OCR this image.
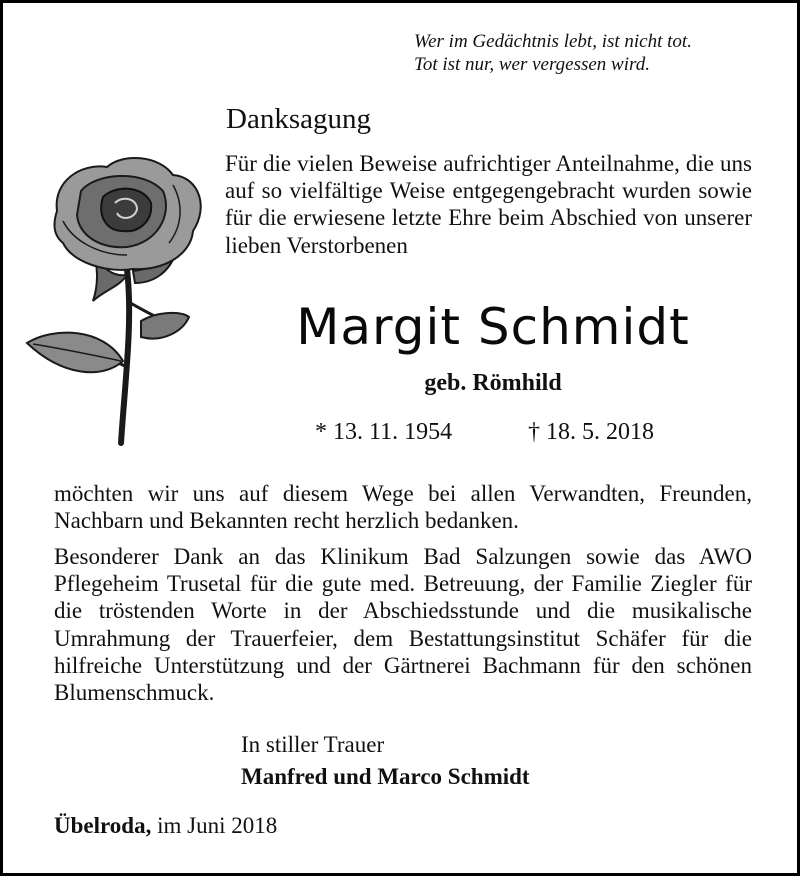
Wer im Gedächtnis lebt, ist nicht tot.
Tot ist nur, wer vergessen wird.
Danksagung
Für die vielen Beweise aufrichtiger Anteilnahme, die uns auf so vielfältige Weise entgegengebracht wurden sowie für die erwiesene letzte Ehre beim Abschied von unserer lieben Verstorbenen
Margit Schmidt
geb. Römhild
* 13. 11. 1954	† 18. 5. 2018
möchten wir uns auf diesem Wege bei allen Verwandten, Freunden, Nachbarn und Bekannten recht herzlich bedanken.
Besonderer Dank an das Klinikum Bad Salzungen sowie das AWO Pflegeheim Trusetal für die gute med. Betreuung, der Familie Ziegler für die tröstenden Worte in der Abschiedsstunde und die musikalische Umrahmung der Trauerfeier, dem Bestattungsinstitut Schäfer für die hilfreiche Unterstützung und der Gärtnerei Bachmann für den schönen Blumenschmuck.
In stiller Trauer
Manfred und Marco Schmidt
Übelroda, im Juni 2018
